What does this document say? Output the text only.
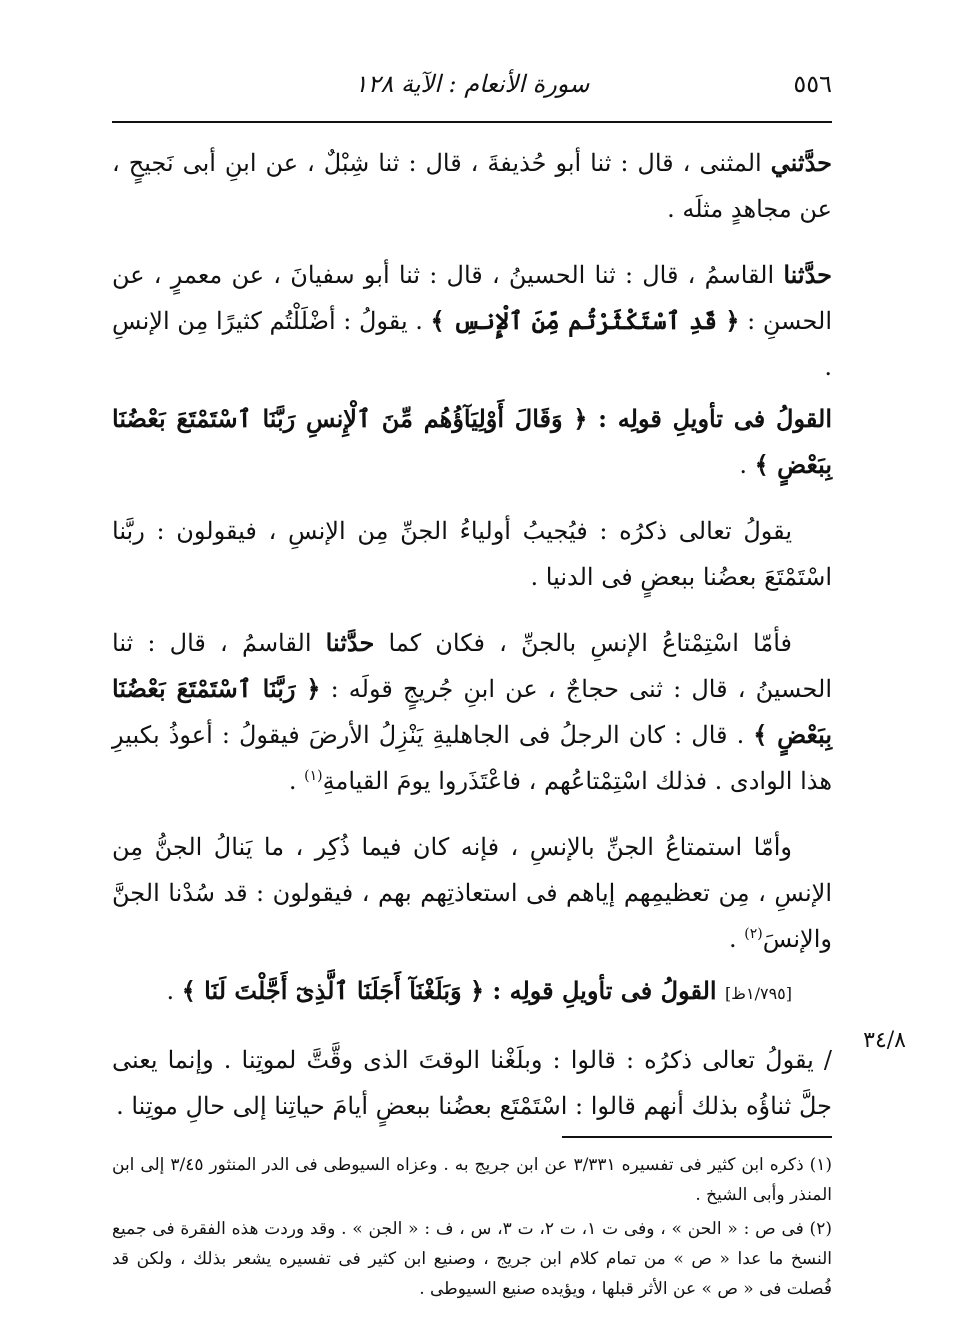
٥٥٦
سورة الأنعام : الآية ١٢٨

حدَّثني المثنى ، قال : ثنا أبو حُذيفةَ ، قال : ثنا شِبْلٌ ، عن ابنِ أبى نَجيحٍ ، عن مجاهدٍ مثلَه .

حدَّثنا القاسمُ ، قال : ثنا الحسينُ ، قال : ثنا أبو سفيانَ ، عن معمرٍ ، عن الحسنِ : ﴿ قَدِ ٱسْتَكْثَرْتُم مِّنَ ٱلْإِنسِ ﴾ . يقولُ : أضْلَلْتُم كثيرًا مِن الإنسِ .

القولُ فى تأويلِ قولِه : ﴿ وَقَالَ أَوْلِيَآؤُهُم مِّنَ ٱلْإِنسِ رَبَّنَا ٱسْتَمْتَعَ بَعْضُنَا بِبَعْضٍ ﴾ .

يقولُ تعالى ذكرُه : فيُجيبُ أولياءُ الجنِّ مِن الإنسِ ، فيقولون : ربَّنا اسْتَمْتَعَ بعضُنا ببعضٍ فى الدنيا .

فأمّا اسْتِمْتاعُ الإنسِ بالجنِّ ، فكان كما حدَّثنا القاسمُ ، قال : ثنا الحسينُ ، قال : ثنى حجاجٌ ، عن ابنِ جُريجٍ قولَه : ﴿ رَبَّنَا ٱسْتَمْتَعَ بَعْضُنَا بِبَعْضٍ ﴾ . قال : كان الرجلُ فى الجاهليةِ يَنْزِلُ الأرضَ فيقولُ : أعوذُ بكبيرِ هذا الوادى . فذلك اسْتِمْتاعُهم ، فاعْتَذَروا يومَ القيامةِ$^{(١)}$ .

وأمّا استمتاعُ الجنِّ بالإنسِ ، فإنه كان فيما ذُكِر ، ما يَنالُ الجنُّ مِن الإنسِ ، مِن تعظيمِهم إياهم فى استعاذتِهم بهم ، فيقولون : قد سُدْنا الجنَّ والإنسَ$^{(٢)}$ .

[١/٧٩٥ظ] القولُ فى تأويلِ قولِه : ﴿ وَبَلَغْنَآ أَجَلَنَا ٱلَّذِىٓ أَجَّلْتَ لَنَا ﴾ .

/ يقولُ تعالى ذكرُه : قالوا : وبلَغْنا الوقتَ الذى وقَّتَّ لموتِنا . وإنما يعنى جلَّ ثناؤُه بذلك أنهم قالوا : اسْتَمْتَع بعضُنا ببعضٍ أيامَ حياتِنا إلى حالِ موتِنا .

٣٤/٨

(١) ذكره ابن كثير فى تفسيره ٣/٣٣١ عن ابن جريج به . وعزاه السيوطى فى الدر المنثور ٣/٤٥ إلى ابن المنذر وأبى الشيخ .

(٢) فى ص : « الحن » ، وفى ت ١، ت ٢، ت ٣، س ، ف : « الجن » . وقد وردت هذه الفقرة فى جميع النسخ ما عدا « ص » من تمام كلام ابن جريج ، وصنيع ابن كثير فى تفسيره يشعر بذلك ، ولكن قد فُصلت فى « ص » عن الأثر قبلها ، ويؤيده صنيع السيوطى .
